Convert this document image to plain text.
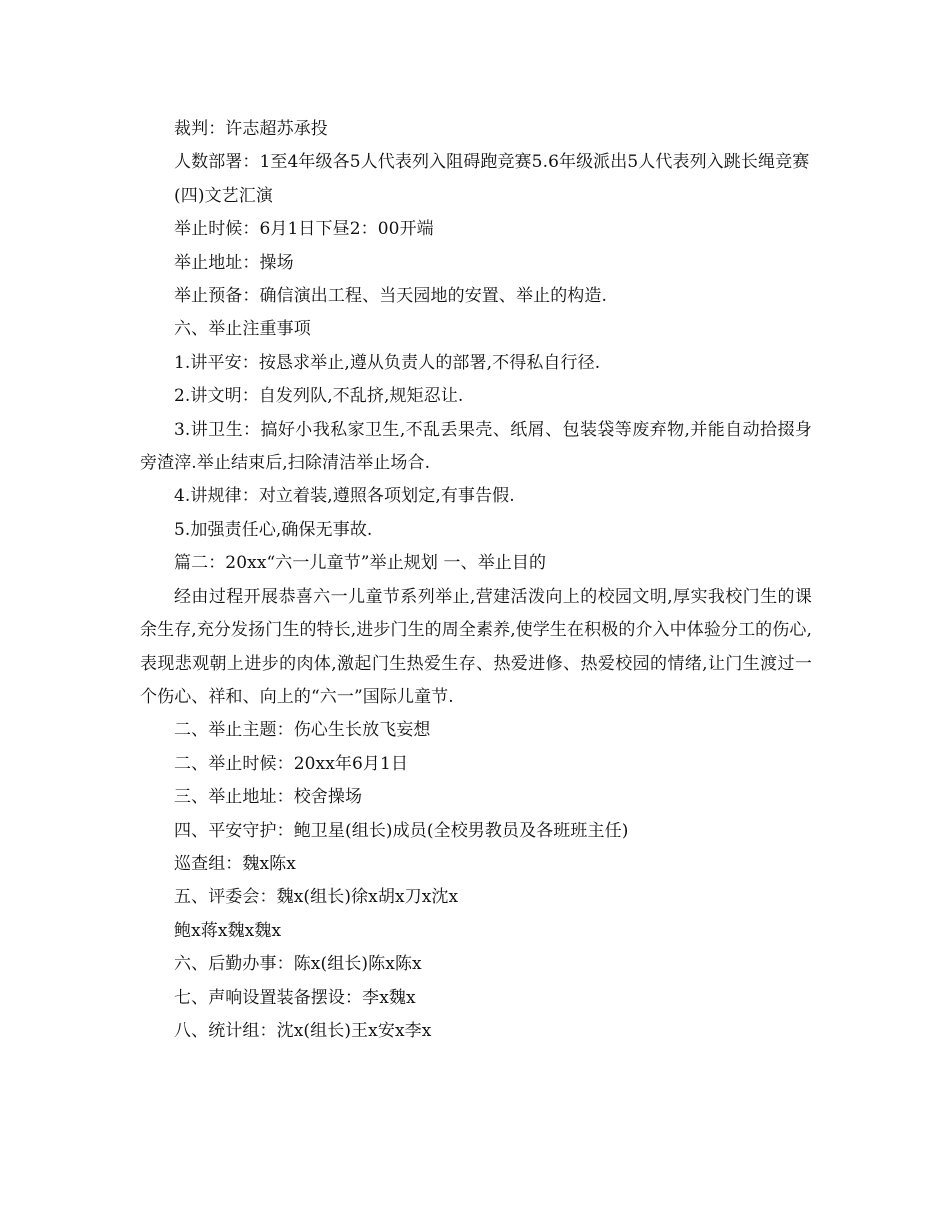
裁判：许志超苏承投

人数部署：1至4年级各5人代表列入阻碍跑竞赛5.6年级派出5人代表列入跳长绳竞赛

(四)文艺汇演

举止时候：6月1日下昼2：00开端

举止地址：操场

举止预备：确信演出工程、当天园地的安置、举止的构造.

六、举止注重事项

1.讲平安：按恳求举止,遵从负责人的部署,不得私自行径.

2.讲文明：自发列队,不乱挤,规矩忍让.

3.讲卫生：搞好小我私家卫生,不乱丢果壳、纸屑、包装袋等废弃物,并能自动拾掇身旁渣滓.举止结束后,扫除清洁举止场合.

4.讲规律：对立着装,遵照各项划定,有事告假.

5.加强责任心,确保无事故.

篇二：20xx“六一儿童节”举止规划 一、举止目的

经由过程开展恭喜六一儿童节系列举止,营建活泼向上的校园文明,厚实我校门生的课余生存,充分发扬门生的特长,进步门生的周全素养,使学生在积极的介入中体验分工的伤心,表现悲观朝上进步的肉体,激起门生热爱生存、热爱进修、热爱校园的情绪,让门生渡过一个伤心、祥和、向上的“六一”国际儿童节.

二、举止主题：伤心生长放飞妄想

二、举止时候：20xx年6月1日

三、举止地址：校舍操场

四、平安守护：鲍卫星(组长)成员(全校男教员及各班班主任)

巡查组：魏x陈x

五、评委会：魏x(组长)徐x胡x刀x沈x

鲍x蒋x魏x魏x

六、后勤办事：陈x(组长)陈x陈x

七、声响设置装备摆设：李x魏x

八、统计组：沈x(组长)王x安x李x
